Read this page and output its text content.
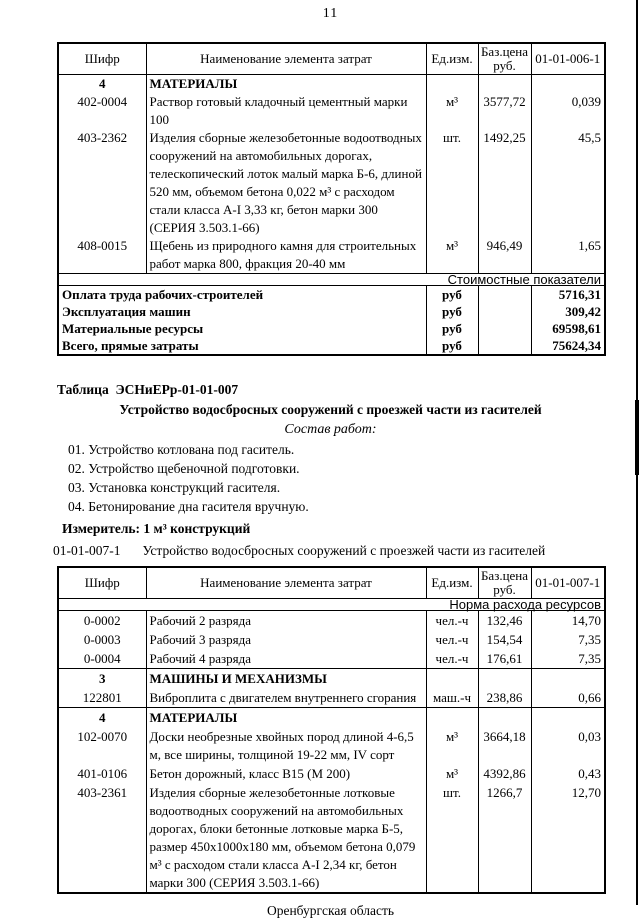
11
Шифр	Наименование элемента затрат	Ед.изм.	Баз.цена руб.	01-01-006-1
4	МАТЕРИАЛЫ			
402-0004	Раствор готовый кладочный цементный марки 100	м³	3577,72	0,039
403-2362	Изделия сборные железобетонные водоотводных сооружений на автомобильных дорогах, телескопический лоток малый марка Б-6, длиной 520 мм, объемом бетона 0,022 м³ с расходом стали класса А-I 3,33 кг, бетон марки 300 (СЕРИЯ 3.503.1-66)	шт.	1492,25	45,5
408-0015	Щебень из природного камня для строительных работ марка 800, фракция 20-40 мм	м³	946,49	1,65
Стоимостные показатели				
Оплата труда рабочих-строителей		руб		5716,31
Эксплуатация машин		руб		309,42
Материальные ресурсы		руб		69598,61
Всего, прямые затраты		руб		75624,34
Таблица  ЭСНиЕРр-01-01-007
Устройство водосбросных сооружений с проезжей части из гасителей
Состав работ:
01. Устройство котлована под гаситель.
02. Устройство щебеночной подготовки.
03. Установка конструкций гасителя.
04. Бетонирование дна гасителя вручную.
Измеритель: 1 м³ конструкций
01-01-007-1 Устройство водосбросных сооружений с проезжей части из гасителей
Шифр	Наименование элемента затрат	Ед.изм.	Баз.цена руб.	01-01-007-1
Норма расхода ресурсов				
0-0002	Рабочий 2 разряда	чел.-ч	132,46	14,70
0-0003	Рабочий 3 разряда	чел.-ч	154,54	7,35
0-0004	Рабочий 4 разряда	чел.-ч	176,61	7,35
3	МАШИНЫ И МЕХАНИЗМЫ			
122801	Виброплита с двигателем внутреннего сгорания	маш.-ч	238,86	0,66
4	МАТЕРИАЛЫ			
102-0070	Доски необрезные хвойных пород длиной 4-6,5 м, все ширины, толщиной 19-22 мм, IV сорт	м³	3664,18	0,03
401-0106	Бетон дорожный, класс В15 (М 200)	м³	4392,86	0,43
403-2361	Изделия сборные железобетонные лотковые водоотводных сооружений на автомобильных дорогах, блоки бетонные лотковые марка Б-5, размер 450х1000х180 мм, объемом бетона 0,079 м³ с расходом стали класса А-I 2,34 кг, бетон марки 300 (СЕРИЯ 3.503.1-66)	шт.	1266,7	12,70
Оренбургская область
